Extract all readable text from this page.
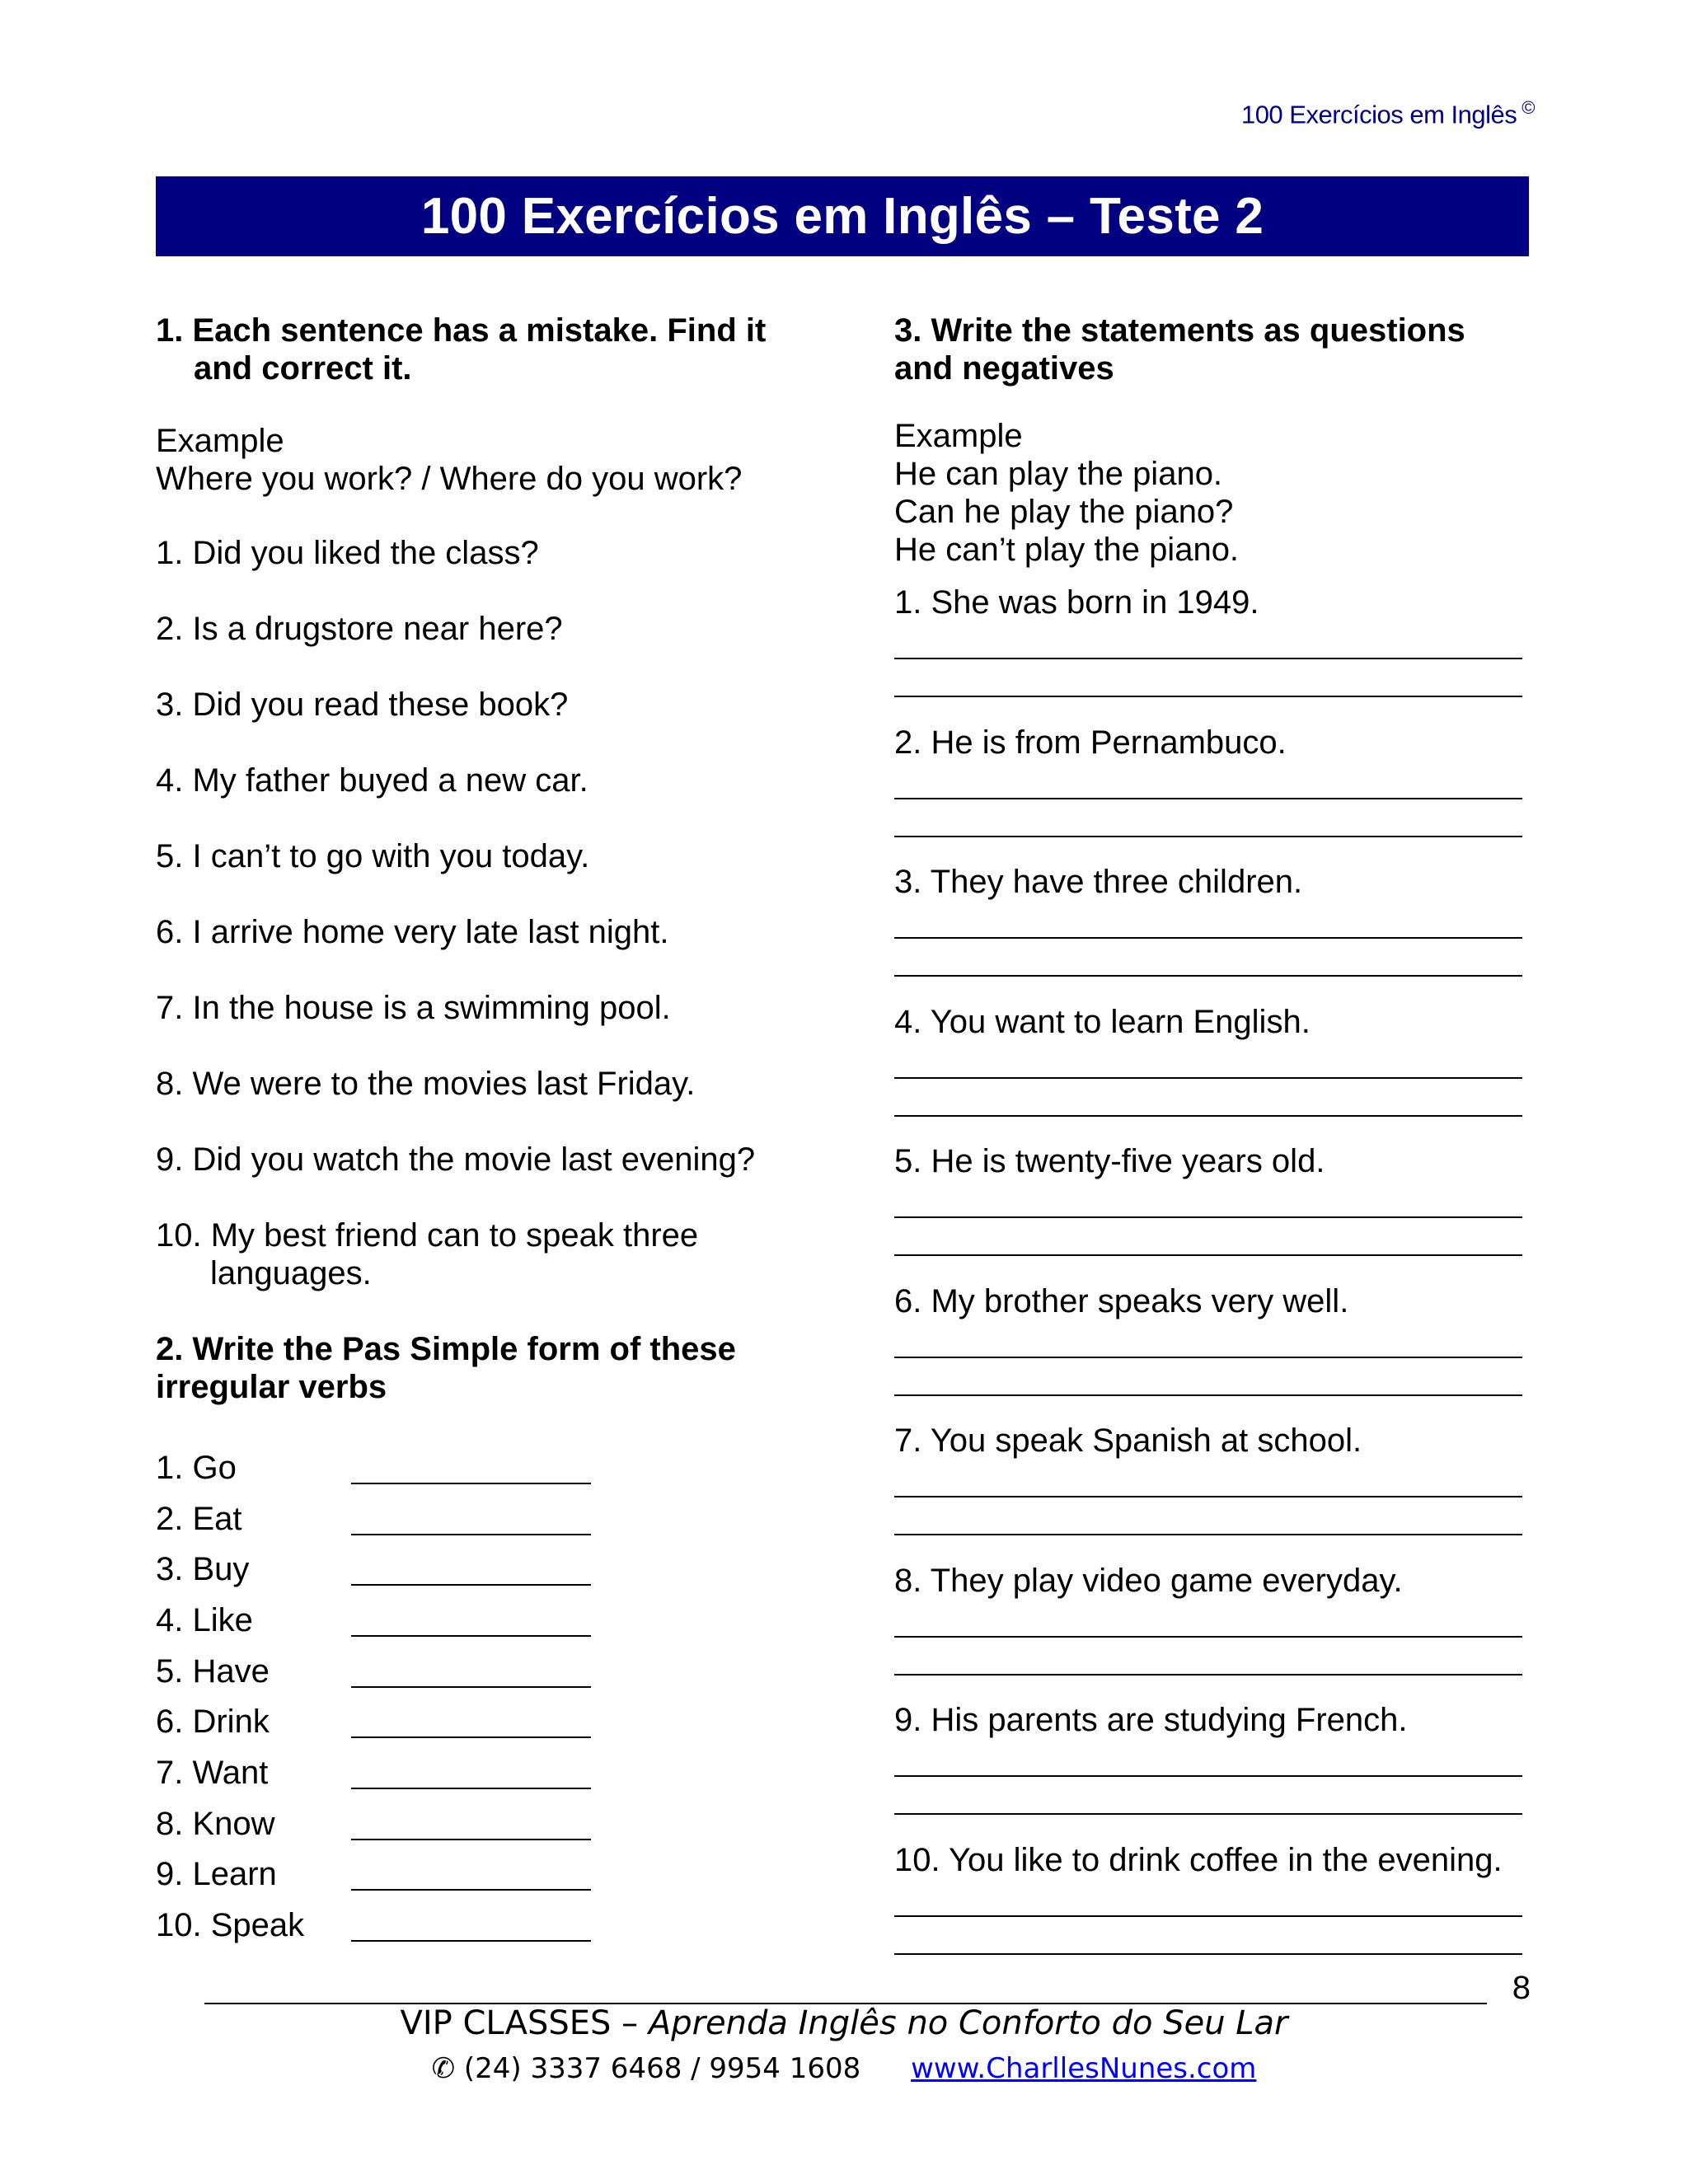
100 Exercícios em Inglês ©
100 Exercícios em Inglês – Teste 2
1. Each sentence has a mistake. Find it
and correct it.
Example
Where you work? / Where do you work?
1. Did you liked the class?
2. Is a drugstore near here?
3. Did you read these book?
4. My father buyed a new car.
5. I can’t to go with you today.
6. I arrive home very late last night.
7. In the house is a swimming pool.
8. We were to the movies last Friday.
9. Did you watch the movie last evening?
10. My best friend can to speak three languages.
2. Write the Pas Simple form of these
irregular verbs
1. Go
2. Eat
3. Buy
4. Like
5. Have
6. Drink
7. Want
8. Know
9. Learn
10. Speak
3. Write the statements as questions
and negatives
Example
He can play the piano.
Can he play the piano?
He can’t play the piano.
1. She was born in 1949.
2. He is from Pernambuco.
3. They have three children.
4. You want to learn English.
5. He is twenty-five years old.
6. My brother speaks very well.
7. You speak Spanish at school.
8. They play video game everyday.
9. His parents are studying French.
10. You like to drink coffee in the evening.
8
VIP CLASSES – Aprenda Inglês no Conforto do Seu Lar
✆ (24) 3337 6468 / 9954 1608 www.CharllesNunes.com
